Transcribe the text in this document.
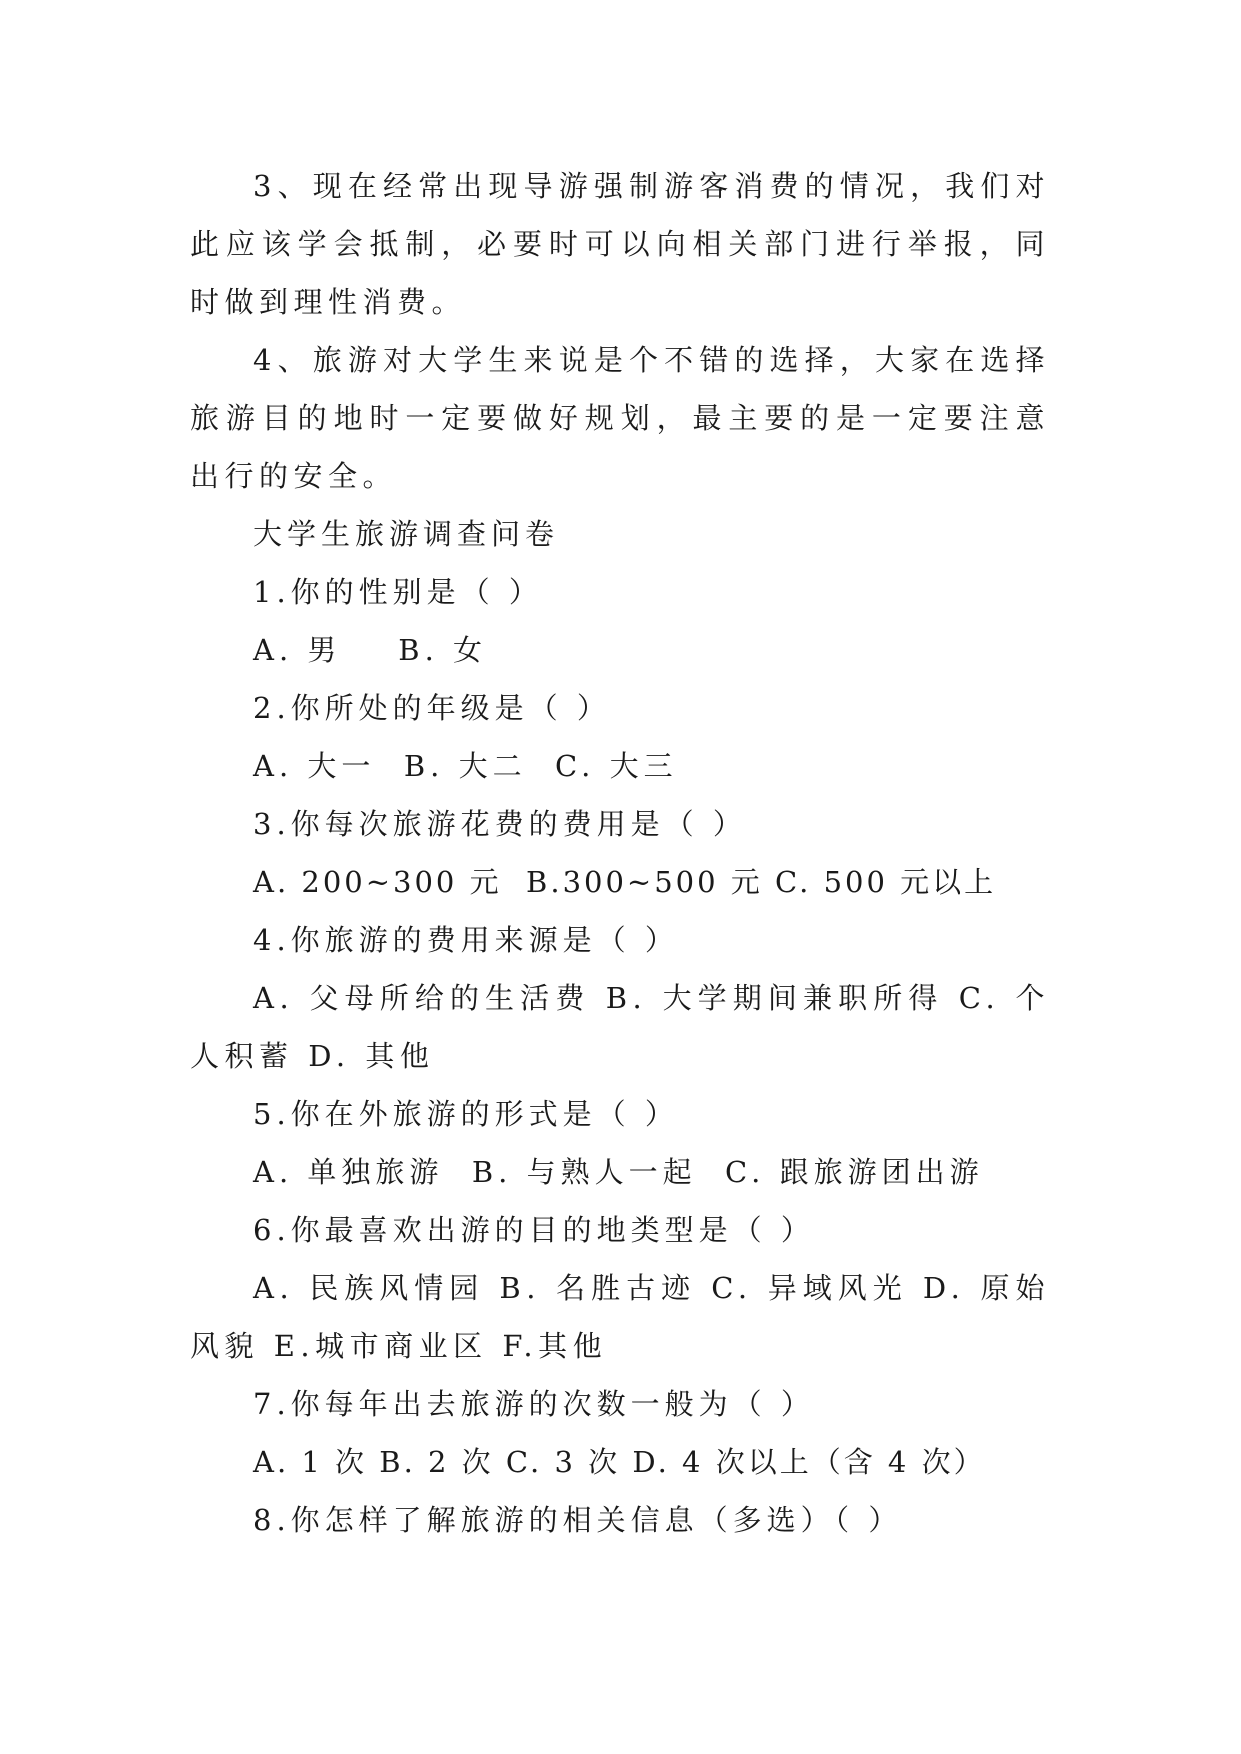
3、现在经常出现导游强制游客消费的情况，我们对此应该学会抵制，必要时可以向相关部门进行举报，同时做到理性消费。

4、旅游对大学生来说是个不错的选择，大家在选择旅游目的地时一定要做好规划，最主要的是一定要注意出行的安全。

大学生旅游调查问卷

1.你的性别是（ ）

A. 男    B. 女

2.你所处的年级是（ ）

A. 大一  B. 大二  C. 大三

3.你每次旅游花费的费用是（ ）

A. 200~300 元  B.300~500 元 C. 500 元以上

4.你旅游的费用来源是（ ）

A. 父母所给的生活费 B. 大学期间兼职所得 C. 个人积蓄 D. 其他

5.你在外旅游的形式是（ ）

A. 单独旅游  B. 与熟人一起  C. 跟旅游团出游

6.你最喜欢出游的目的地类型是（ ）

A. 民族风情园 B. 名胜古迹 C. 异域风光 D. 原始风貌 E.城市商业区 F.其他

7.你每年出去旅游的次数一般为（ ）

A. 1 次 B. 2 次 C. 3 次 D. 4 次以上（含 4 次）

8.你怎样了解旅游的相关信息（多选）（ ）
